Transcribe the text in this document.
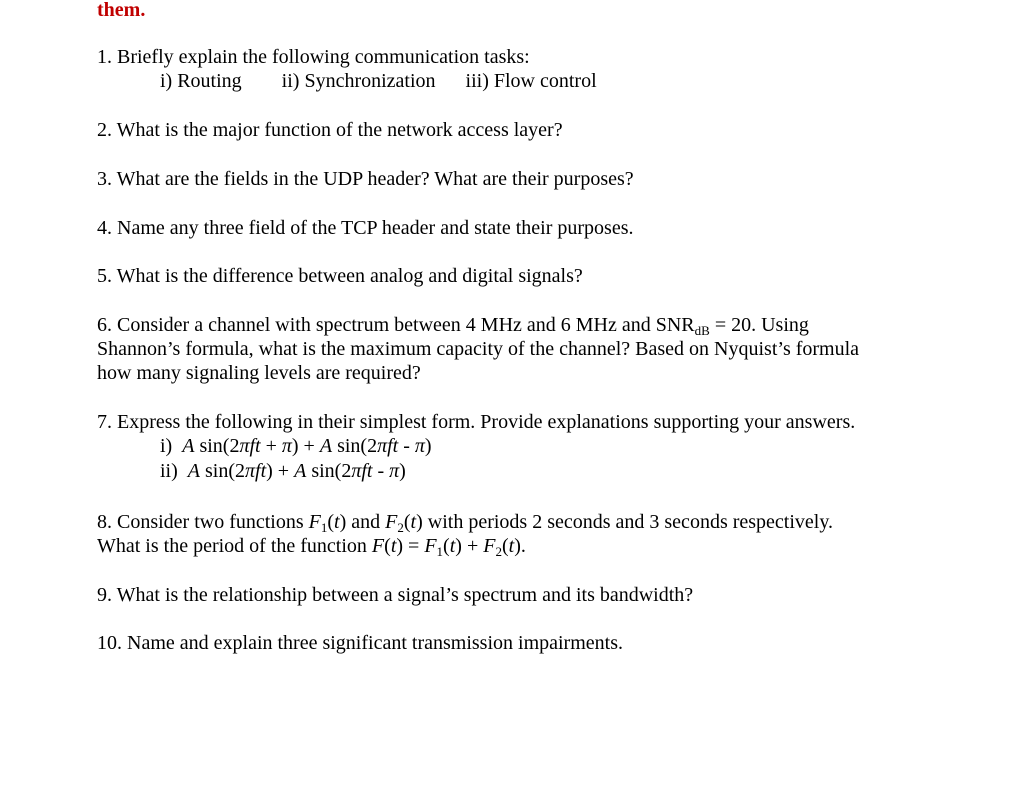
them.
1. Briefly explain the following communication tasks:
i) Routing ii) Synchronization iii) Flow control
2. What is the major function of the network access layer?
3. What are the fields in the UDP header? What are their purposes?
4. Name any three field of the TCP header and state their purposes.
5. What is the difference between analog and digital signals?
6. Consider a channel with spectrum between 4 MHz and 6 MHz and $SNR_{dB} = 20$. Using
Shannon’s formula, what is the maximum capacity of the channel? Based on Nyquist’s formula
how many signaling levels are required?
7. Express the following in their simplest form. Provide explanations supporting your answers.
i) A sin(2πft + π) + A sin(2πft - π)
ii) A sin(2πft) + A sin(2πft - π)
8. Consider two functions $F_1(t)$ and $F_2(t)$ with periods 2 seconds and 3 seconds respectively.
What is the period of the function $F(t) = F_1(t) + F_2(t)$.
9. What is the relationship between a signal’s spectrum and its bandwidth?
10. Name and explain three significant transmission impairments.
